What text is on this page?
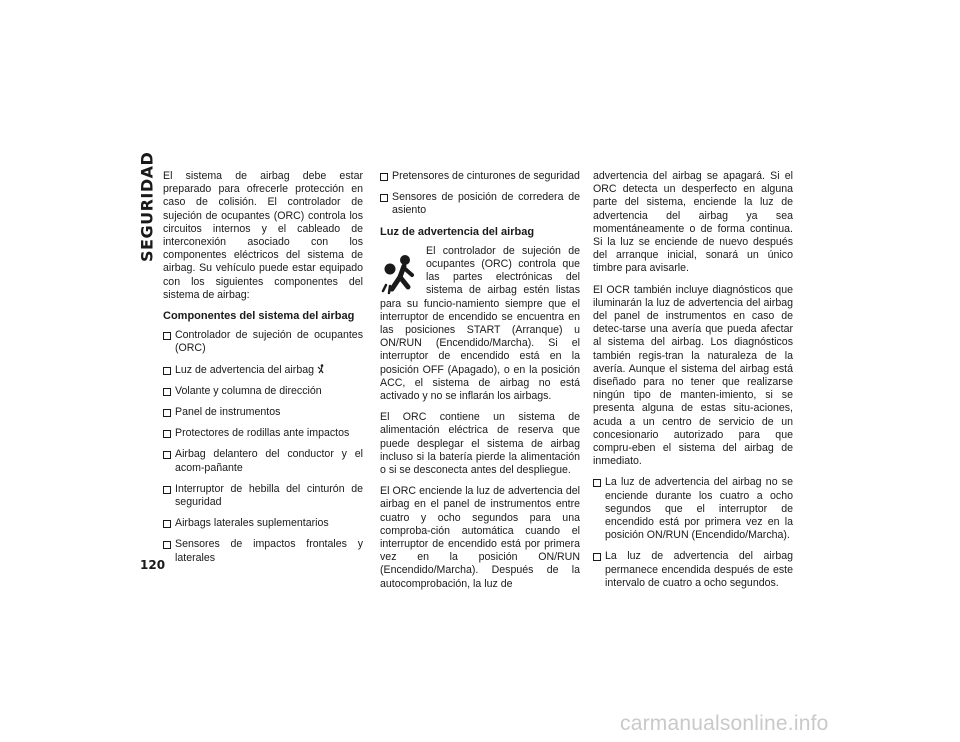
SEGURIDAD
120

El sistema de airbag debe estar preparado para ofrecerle protección en caso de colisión. El controlador de sujeción de ocupantes (ORC) controla los circuitos internos y el cableado de interconexión asociado con los componentes eléctricos del sistema de airbag. Su vehículo puede estar equipado con los siguientes componentes del sistema de airbag:

Componentes del sistema del airbag
Controlador de sujeción de ocupantes (ORC)
Luz de advertencia del airbag
Volante y columna de dirección
Panel de instrumentos
Protectores de rodillas ante impactos
Airbag delantero del conductor y el acom-pañante
Interruptor de hebilla del cinturón de seguridad
Airbags laterales suplementarios
Sensores de impactos frontales y laterales
Pretensores de cinturones de seguridad
Sensores de posición de corredera de asiento
Luz de advertencia del airbag

El controlador de sujeción de ocupantes (ORC) controla que las partes electrónicas del sistema de airbag estén listas para su funcio-namiento siempre que el interruptor de encendido se encuentra en las posiciones START (Arranque) u ON/RUN (Encendido/Marcha). Si el interruptor de encendido está en la posición OFF (Apagado), o en la posición ACC, el sistema de airbag no está activado y no se inflarán los airbags.

El ORC contiene un sistema de alimentación eléctrica de reserva que puede desplegar el sistema de airbag incluso si la batería pierde la alimentación o si se desconecta antes del despliegue.

El ORC enciende la luz de advertencia del airbag en el panel de instrumentos entre cuatro y ocho segundos para una comproba-ción automática cuando el interruptor de encendido está por primera vez en la posición ON/RUN (Encendido/Marcha). Después de la autocomprobación, la luz de

advertencia del airbag se apagará. Si el ORC detecta un desperfecto en alguna parte del sistema, enciende la luz de advertencia del airbag ya sea momentáneamente o de forma continua. Si la luz se enciende de nuevo después del arranque inicial, sonará un único timbre para avisarle.

El OCR también incluye diagnósticos que iluminarán la luz de advertencia del airbag del panel de instrumentos en caso de detec-tarse una avería que pueda afectar al sistema del airbag. Los diagnósticos también regis-tran la naturaleza de la avería. Aunque el sistema del airbag está diseñado para no tener que realizarse ningún tipo de manten-imiento, si se presenta alguna de estas situ-aciones, acuda a un centro de servicio de un concesionario autorizado para que compru-eben el sistema del airbag de inmediato.

La luz de advertencia del airbag no se enciende durante los cuatro a ocho segundos que el interruptor de encendido está por primera vez en la posición ON/RUN (Encendido/Marcha).
La luz de advertencia del airbag permanece encendida después de este intervalo de cuatro a ocho segundos.
carmanualsonline.info
